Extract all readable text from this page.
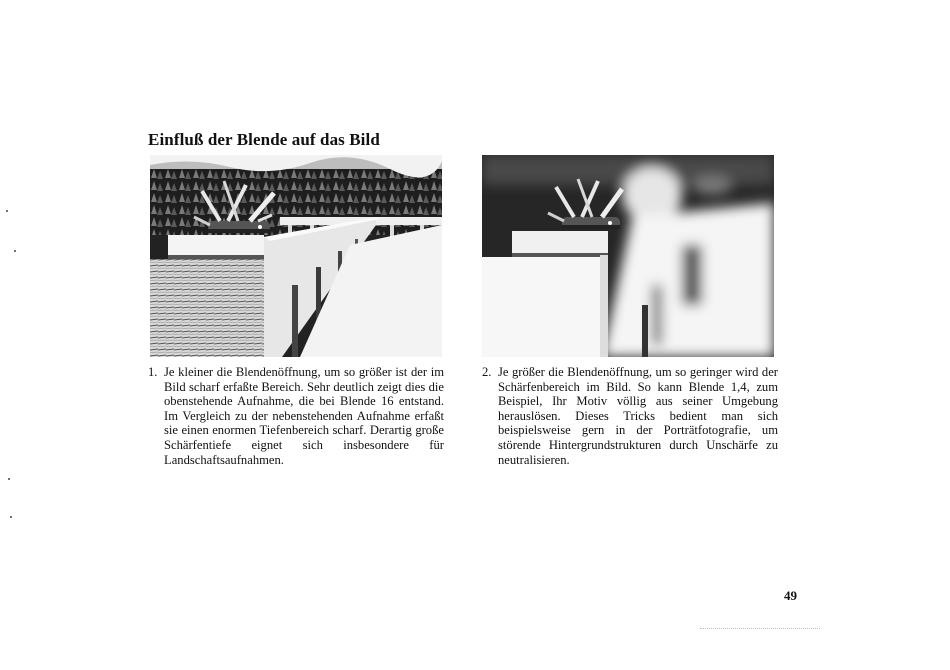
Einfluß der Blende auf das Bild

1. Je kleiner die Blendenöffnung, um so größer ist der im Bild scharf erfaßte Bereich. Sehr deutlich zeigt dies die obenstehende Aufnahme, die bei Blende 16 entstand. Im Vergleich zu der nebenstehenden Aufnahme erfaßt sie einen enormen Tiefenbereich scharf. Derartig große Schärfentiefe eignet sich insbesondere für Landschaftsaufnahmen.

2. Je größer die Blendenöffnung, um so geringer wird der Schärfenbereich im Bild. So kann Blende 1,4, zum Beispiel, Ihr Motiv völlig aus seiner Umgebung herauslösen. Dieses Tricks bedient man sich beispielsweise gern in der Porträtfotografie, um störende Hintergrundstrukturen durch Unschärfe zu neutralisieren.

49
